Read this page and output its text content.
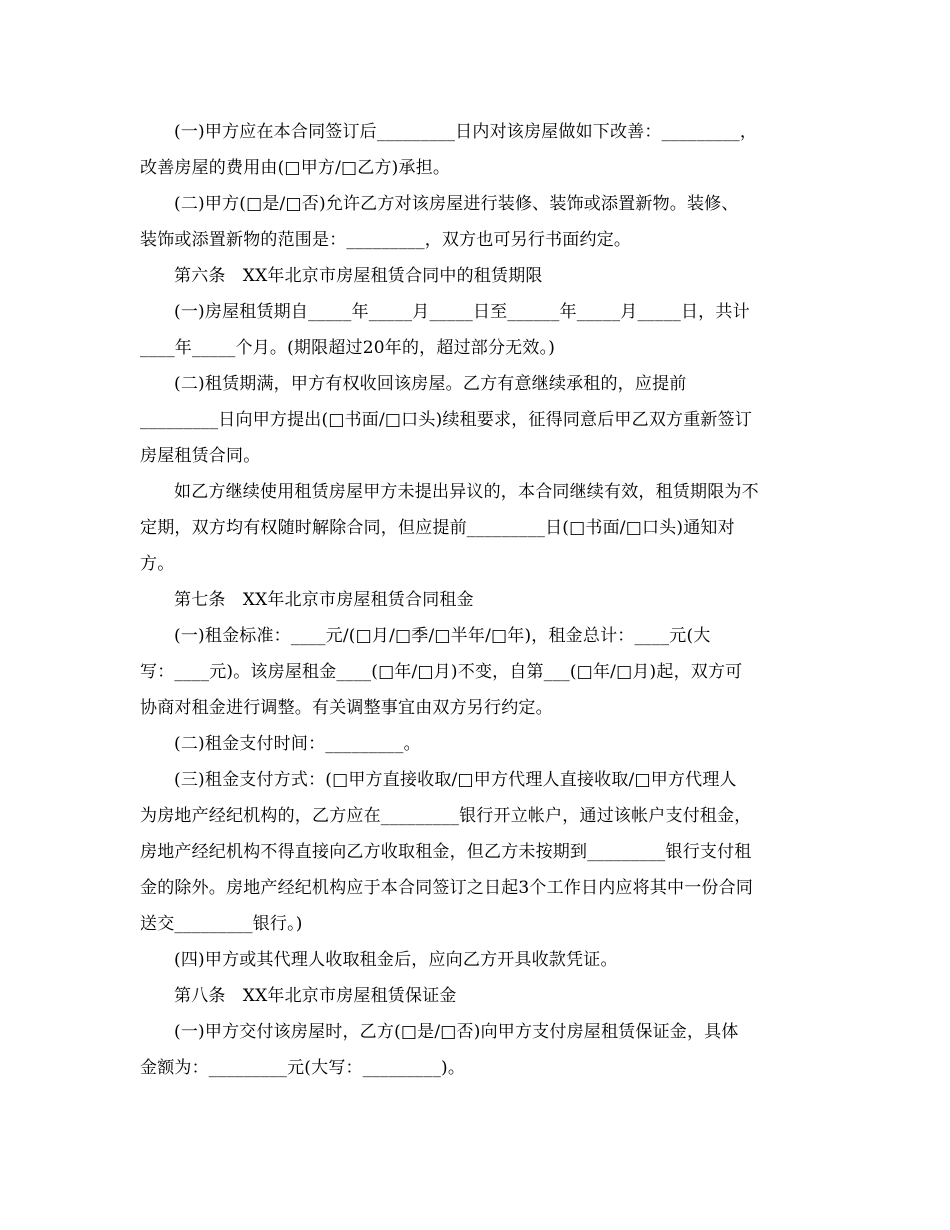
(一)甲方应在本合同签订后_________日内对该房屋做如下改善：_________，
改善房屋的费用由(□甲方/□乙方)承担。
(二)甲方(□是/□否)允许乙方对该房屋进行装修、装饰或添置新物。装修、
装饰或添置新物的范围是：_________，双方也可另行书面约定。
第六条　XX年北京市房屋租赁合同中的租赁期限
(一)房屋租赁期自_____年_____月_____日至______年_____月_____日，共计
____年_____个月。(期限超过20年的，超过部分无效。)
(二)租赁期满，甲方有权收回该房屋。乙方有意继续承租的，应提前
_________日向甲方提出(□书面/□口头)续租要求，征得同意后甲乙双方重新签订
房屋租赁合同。
如乙方继续使用租赁房屋甲方未提出异议的，本合同继续有效，租赁期限为不
定期，双方均有权随时解除合同，但应提前_________日(□书面/□口头)通知对
方。
第七条　XX年北京市房屋租赁合同租金
(一)租金标准：____元/(□月/□季/□半年/□年)，租金总计：____元(大
写：____元)。该房屋租金____(□年/□月)不变，自第___(□年/□月)起，双方可
协商对租金进行调整。有关调整事宜由双方另行约定。
(二)租金支付时间：_________。
(三)租金支付方式：(□甲方直接收取/□甲方代理人直接收取/□甲方代理人
为房地产经纪机构的，乙方应在_________银行开立帐户，通过该帐户支付租金，
房地产经纪机构不得直接向乙方收取租金，但乙方未按期到_________银行支付租
金的除外。房地产经纪机构应于本合同签订之日起3个工作日内应将其中一份合同
送交_________银行。)
(四)甲方或其代理人收取租金后，应向乙方开具收款凭证。
第八条　XX年北京市房屋租赁保证金
(一)甲方交付该房屋时，乙方(□是/□否)向甲方支付房屋租赁保证金，具体
金额为：_________元(大写：_________)。
